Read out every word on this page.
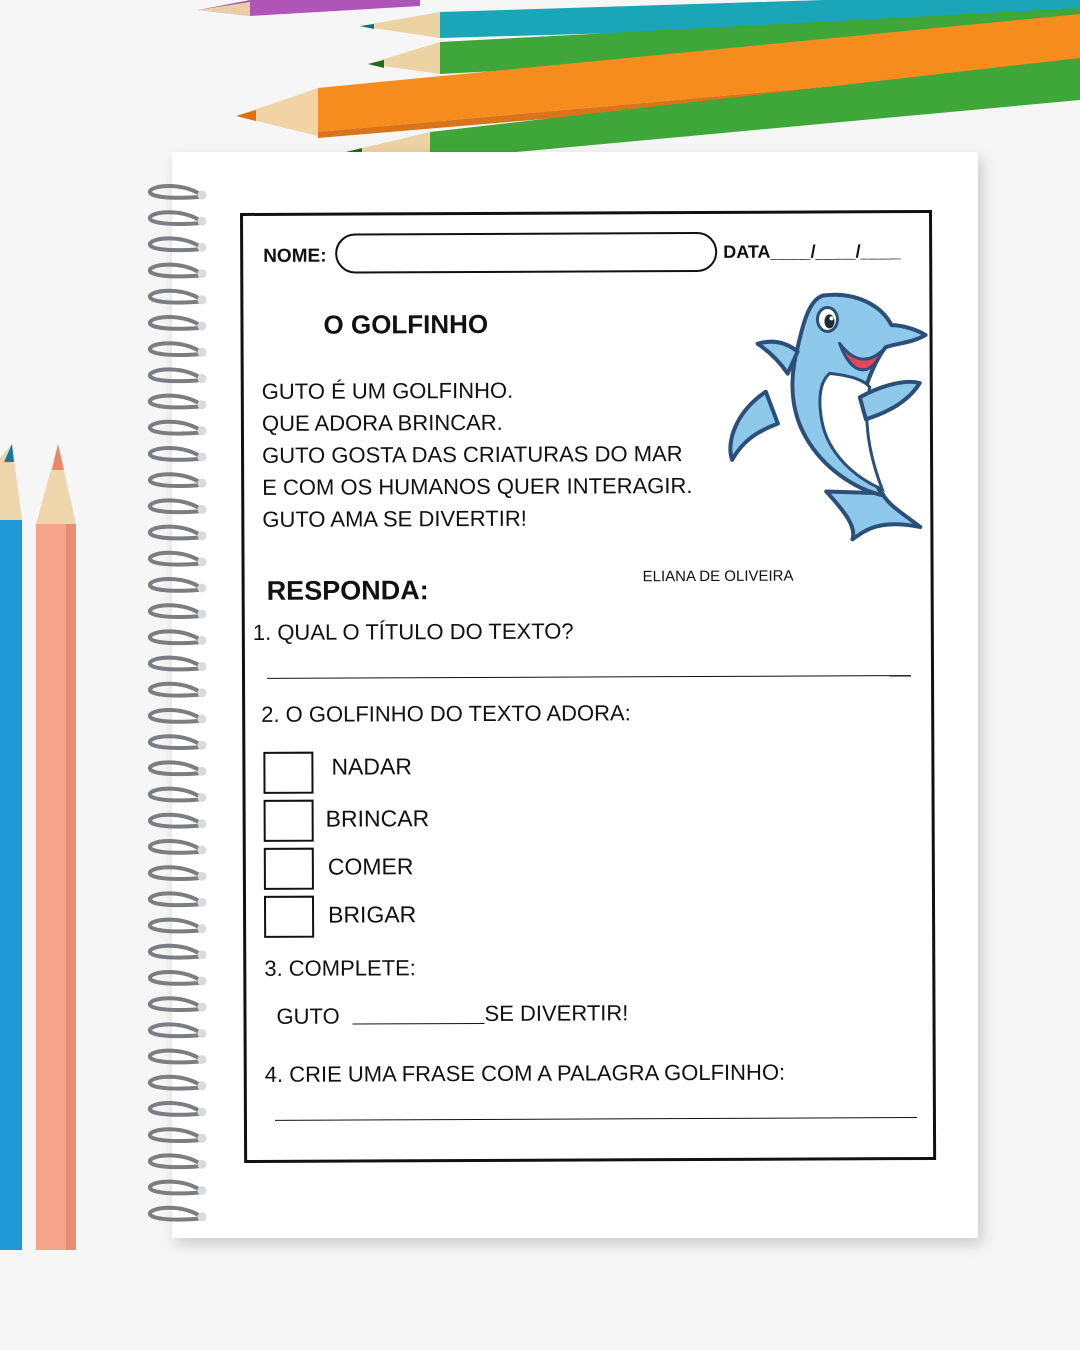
NOME:	DATA____/____/____
O GOLFINHO
GUTO É UM GOLFINHO.
QUE ADORA BRINCAR.
GUTO GOSTA DAS CRIATURAS DO MAR
E COM OS HUMANOS QUER INTERAGIR.
GUTO AMA SE DIVERTIR!
ELIANA DE OLIVEIRA
RESPONDA:
1. QUAL O TÍTULO DO TEXTO?
2. O GOLFINHO DO TEXTO ADORA:
NADAR
BRINCAR
COMER
BRIGAR
3. COMPLETE:
GUTO	SE DIVERTIR!
4. CRIE UMA FRASE COM A PALAGRA GOLFINHO:
